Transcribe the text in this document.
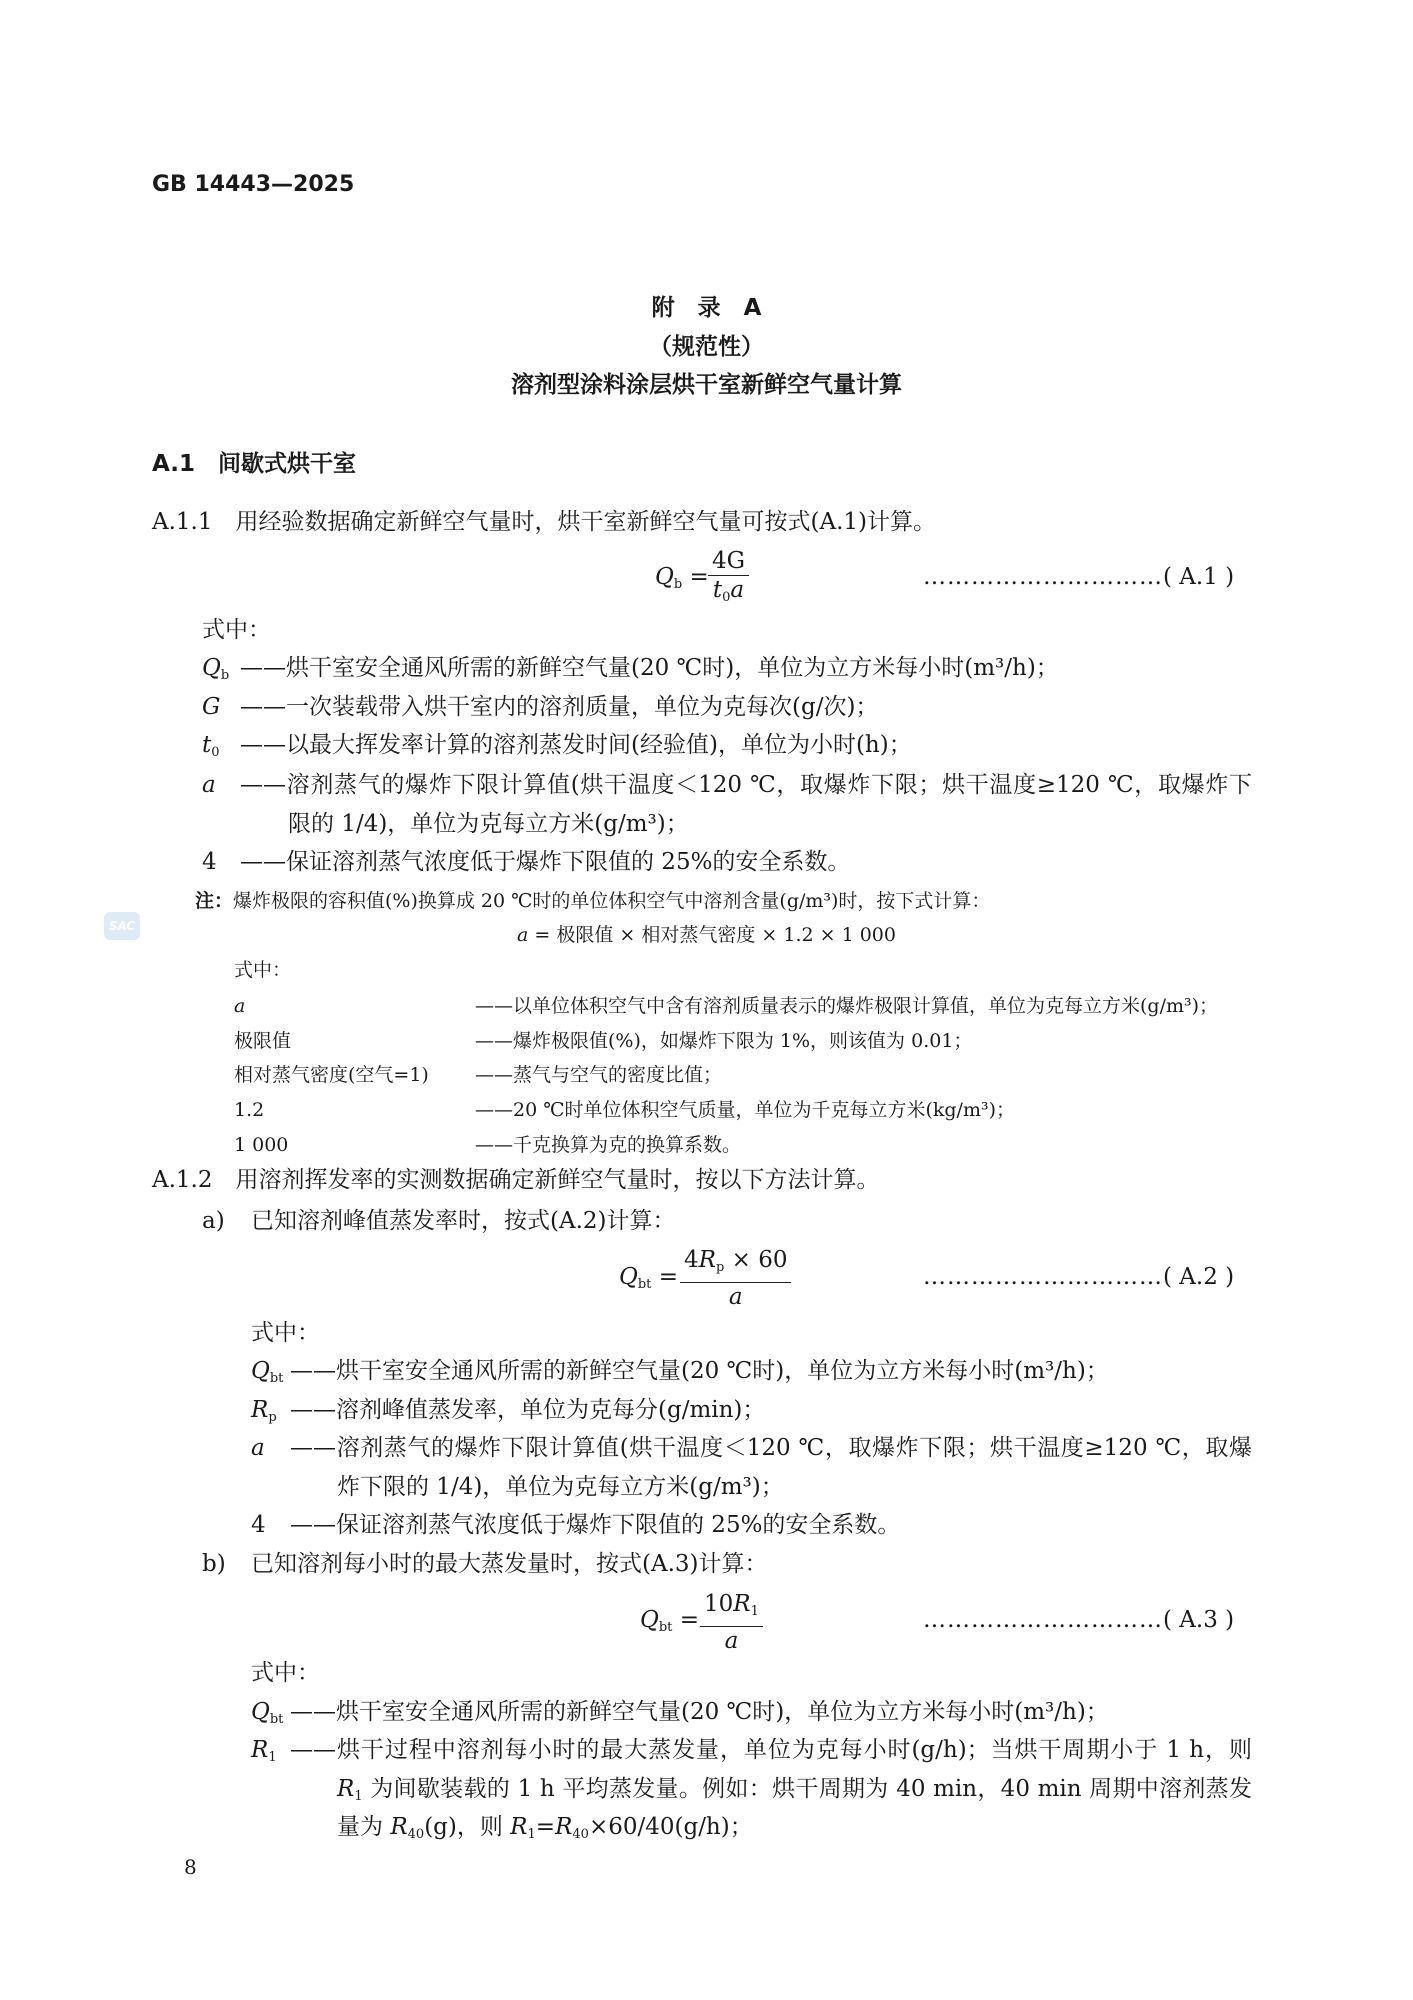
GB 14443—2025
附　录　A
（规范性）
溶剂型涂料涂层烘干室新鲜空气量计算
SAC
A.1　间歇式烘干室
A.1.1　用经验数据确定新鲜空气量时，烘干室新鲜空气量可按式(A.1)计算。
$Q_b = \frac{4G}{t_0a}$	…………………………( A.1 )
式中：
$Q_b$ ——烘干室安全通风所需的新鲜空气量(20 ℃时)，单位为立方米每小时(m³/h)；
G ——一次装载带入烘干室内的溶剂质量，单位为克每次(g/次)；
$t_0$ ——以最大挥发率计算的溶剂蒸发时间(经验值)，单位为小时(h)；
a ——溶剂蒸气的爆炸下限计算值(烘干温度＜120 ℃，取爆炸下限；烘干温度≥120 ℃，取爆炸下
限的 1/4)，单位为克每立方米(g/m³)；
4 ——保证溶剂蒸气浓度低于爆炸下限值的 25%的安全系数。
注：爆炸极限的容积值(%)换算成 20 ℃时的单位体积空气中溶剂含量(g/m³)时，按下式计算：
a = 极限值 × 相对蒸气密度 × 1.2 × 1 000
式中：
a	——以单位体积空气中含有溶剂质量表示的爆炸极限计算值，单位为克每立方米(g/m³)；
极限值	——爆炸极限值(%)，如爆炸下限为 1%，则该值为 0.01；
相对蒸气密度(空气=1) ——蒸气与空气的密度比值；
1.2	——20 ℃时单位体积空气质量，单位为千克每立方米(kg/m³)；
1 000	——千克换算为克的换算系数。
A.1.2　用溶剂挥发率的实测数据确定新鲜空气量时，按以下方法计算。
a) 已知溶剂峰值蒸发率时，按式(A.2)计算：
$Q_{bt} = \frac{4R_p \times 60}{a}$	…………………………( A.2 )
式中：
$Q_{bt}$ ——烘干室安全通风所需的新鲜空气量(20 ℃时)，单位为立方米每小时(m³/h)；
$R_p$ ——溶剂峰值蒸发率，单位为克每分(g/min)；
a ——溶剂蒸气的爆炸下限计算值(烘干温度＜120 ℃，取爆炸下限；烘干温度≥120 ℃，取爆
炸下限的 1/4)，单位为克每立方米(g/m³)；
4 ——保证溶剂蒸气浓度低于爆炸下限值的 25%的安全系数。
b) 已知溶剂每小时的最大蒸发量时，按式(A.3)计算：
$Q_{bt} = \frac{10R_1}{a}$	…………………………( A.3 )
式中：
$Q_{bt}$ ——烘干室安全通风所需的新鲜空气量(20 ℃时)，单位为立方米每小时(m³/h)；
$R_1$ ——烘干过程中溶剂每小时的最大蒸发量，单位为克每小时(g/h)；当烘干周期小于 1 h，则
$R_1$ 为间歇装载的 1 h 平均蒸发量。例如：烘干周期为 40 min，40 min 周期中溶剂蒸发
量为 $R_{40}(g)$，则 $R_1=R_{40}\times 60/40(g/h)$；
8
